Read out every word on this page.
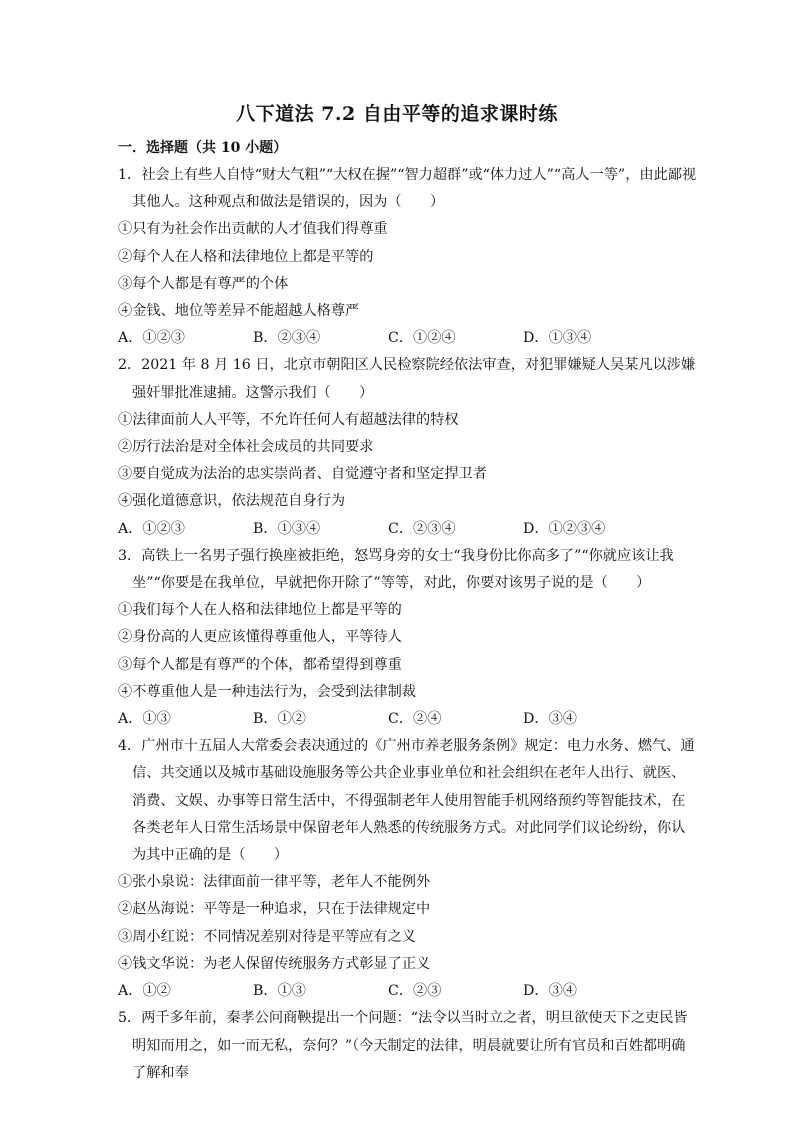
八下道法 7.2 自由平等的追求课时练
一．选择题（共 10 小题）
1．社会上有些人自恃“财大气粗”“大权在握”“智力超群”或“体力过人”“高人一等”，由此鄙视其他人。这种观点和做法是错误的，因为（　　）
①只有为社会作出贡献的人才值我们得尊重
②每个人在人格和法律地位上都是平等的
③每个人都是有尊严的个体
④金钱、地位等差异不能超越人格尊严
A．①②③	B．②③④	C．①②④	D．①③④
2．2021 年 8 月 16 日，北京市朝阳区人民检察院经依法审查，对犯罪嫌疑人吴某凡以涉嫌强奸罪批准逮捕。这警示我们（　　）
①法律面前人人平等，不允许任何人有超越法律的特权
②厉行法治是对全体社会成员的共同要求
③要自觉成为法治的忠实崇尚者、自觉遵守者和坚定捍卫者
④强化道德意识，依法规范自身行为
A．①②③	B．①③④	C．②③④	D．①②③④
3．高铁上一名男子强行换座被拒绝，怒骂身旁的女士“我身份比你高多了”“你就应该让我坐”“你要是在我单位，早就把你开除了”等等，对此，你要对该男子说的是（　　）
①我们每个人在人格和法律地位上都是平等的
②身份高的人更应该懂得尊重他人，平等待人
③每个人都是有尊严的个体，都希望得到尊重
④不尊重他人是一种违法行为，会受到法律制裁
A．①③	B．①②	C．②④	D．③④
4．广州市十五届人大常委会表决通过的《广州市养老服务条例》规定：电力水务、燃气、通信、共交通以及城市基础设施服务等公共企业事业单位和社会组织在老年人出行、就医、消费、文娱、办事等日常生活中，不得强制老年人使用智能手机网络预约等智能技术，在各类老年人日常生活场景中保留老年人熟悉的传统服务方式。对此同学们议论纷纷，你认为其中正确的是（　　）
①张小泉说：法律面前一律平等，老年人不能例外
②赵丛海说：平等是一种追求，只在于法律规定中
③周小红说：不同情况差别对待是平等应有之义
④钱文华说：为老人保留传统服务方式彰显了正义
A．①②	B．①③	C．②③	D．③④
5．两千多年前，秦孝公问商鞅提出一个问题：“法令以当时立之者，明旦欲使天下之吏民皆明知而用之，如一而无私，奈何？”（今天制定的法律，明晨就要让所有官员和百姓都明确了解和奉
